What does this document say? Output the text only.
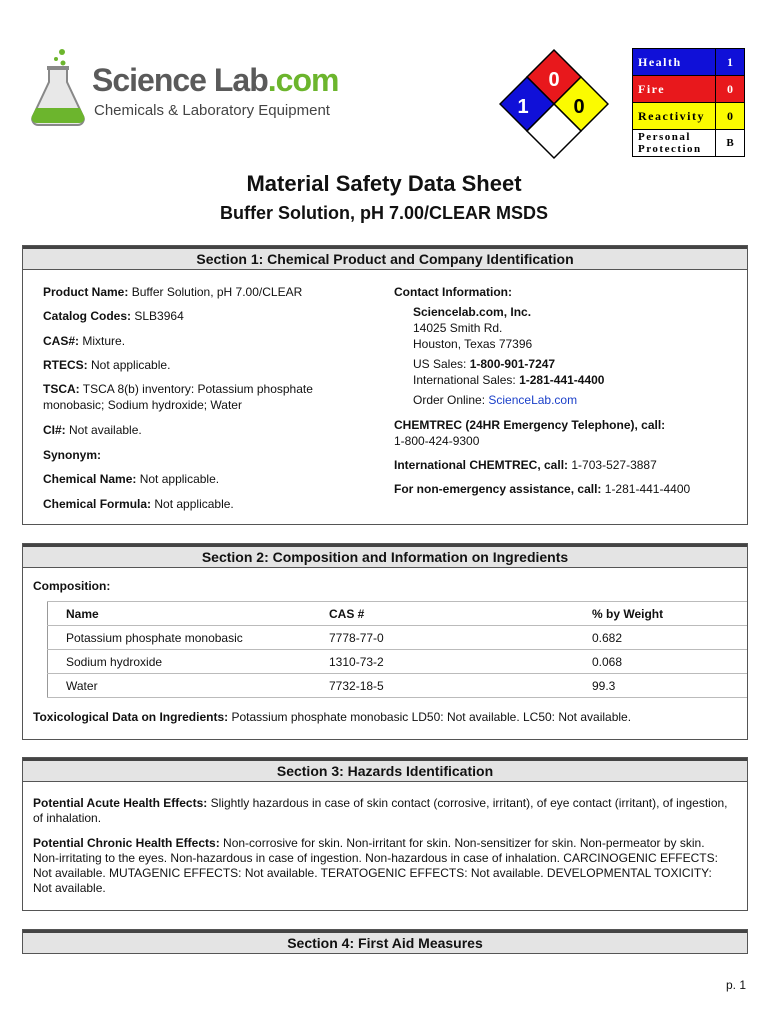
Science Lab.com
Chemicals & Laboratory Equipment
0
1 0
Health	1
Fire	0
Reactivity	0
Personal
Protection	B
Material Safety Data Sheet
Buffer Solution, pH 7.00/CLEAR MSDS
Section 1: Chemical Product and Company Identification
Product Name: Buffer Solution, pH 7.00/CLEAR
Catalog Codes: SLB3964
CAS#: Mixture.
RTECS: Not applicable.
TSCA: TSCA 8(b) inventory: Potassium phosphate
monobasic; Sodium hydroxide; Water
CI#: Not available.
Synonym:
Chemical Name: Not applicable.
Chemical Formula: Not applicable.
Contact Information:
Sciencelab.com, Inc.
14025 Smith Rd.
Houston, Texas 77396
US Sales: 1-800-901-7247
International Sales: 1-281-441-4400
Order Online: ScienceLab.com
CHEMTREC (24HR Emergency Telephone), call:
1-800-424-9300
International CHEMTREC, call: 1-703-527-3887
For non-emergency assistance, call: 1-281-441-4400
Section 2: Composition and Information on Ingredients
Composition:
Name	CAS #	% by Weight
Potassium phosphate monobasic	7778-77-0	0.682
Sodium hydroxide	1310-73-2	0.068
Water	7732-18-5	99.3
Toxicological Data on Ingredients: Potassium phosphate monobasic LD50: Not available. LC50: Not available.
Section 3: Hazards Identification
Potential Acute Health Effects: Slightly hazardous in case of skin contact (corrosive, irritant), of eye contact (irritant), of ingestion, of inhalation.
Potential Chronic Health Effects: Non-corrosive for skin. Non-irritant for skin. Non-sensitizer for skin. Non-permeator by skin. Non-irritating to the eyes. Non-hazardous in case of ingestion. Non-hazardous in case of inhalation. CARCINOGENIC EFFECTS: Not available. MUTAGENIC EFFECTS: Not available. TERATOGENIC EFFECTS: Not available. DEVELOPMENTAL TOXICITY: Not available.
Section 4: First Aid Measures
p. 1
